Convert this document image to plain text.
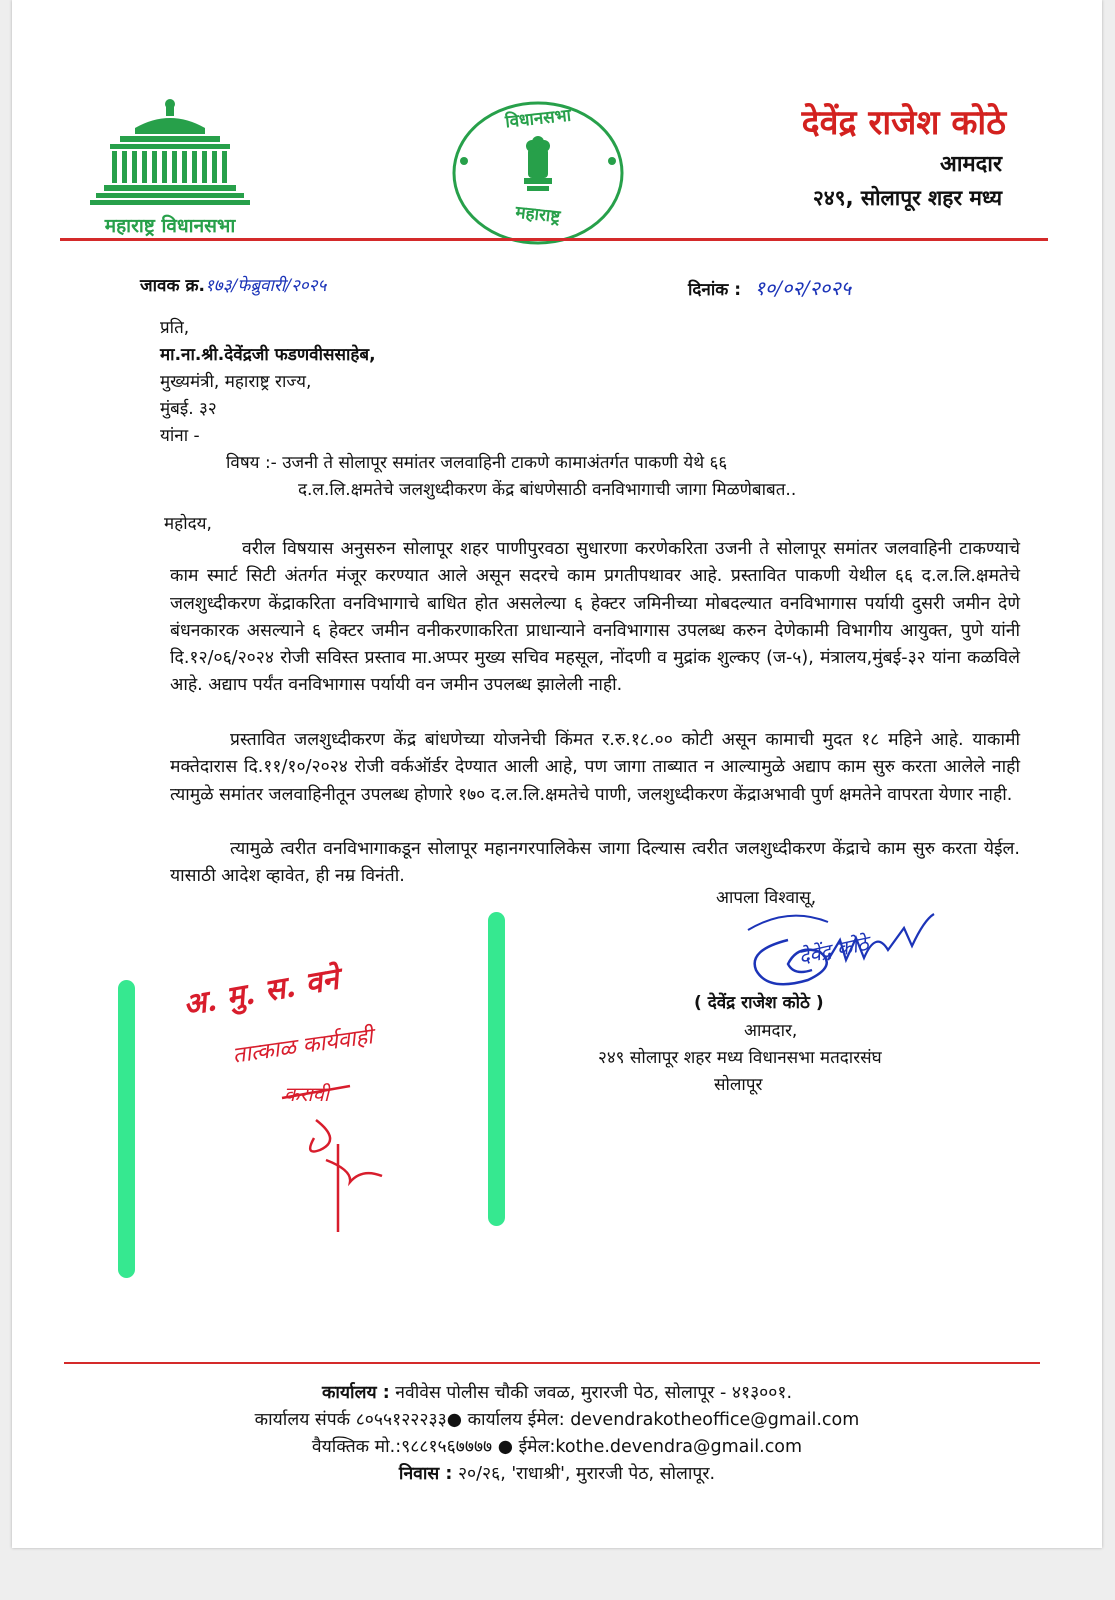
महाराष्ट्र विधानसभा
विधानसभा
महाराष्ट्र
देवेंद्र राजेश कोठे
आमदार
२४९, सोलापूर शहर मध्य
जावक क्र.१७३/फेब्रुवारी/२०२५	दिनांक : १०/०२/२०२५
प्रति,
मा.ना.श्री.देवेंद्रजी फडणवीससाहेब,
मुख्यमंत्री, महाराष्ट्र राज्य,
मुंबई. ३२
यांना -
विषय :- उजनी ते सोलापूर समांतर जलवाहिनी टाकणे कामाअंतर्गत पाकणी येथे ६६
द.ल.लि.क्षमतेचे जलशुध्दीकरण केंद्र बांधणेसाठी वनविभागाची जागा मिळणेबाबत..
महोदय,
वरील विषयास अनुसरुन सोलापूर शहर पाणीपुरवठा सुधारणा करणेकरिता उजनी ते सोलापूर समांतर जलवाहिनी टाकण्याचे काम स्मार्ट सिटी अंतर्गत मंजूर करण्यात आले असून सदरचे काम प्रगतीपथावर आहे. प्रस्तावित पाकणी येथील ६६ द.ल.लि.क्षमतेचे जलशुध्दीकरण केंद्राकरिता वनविभागाचे बाधित होत असलेल्या ६ हेक्टर जमिनीच्या मोबदल्यात वनविभागास पर्यायी दुसरी जमीन देणे बंधनकारक असल्याने ६ हेक्टर जमीन वनीकरणाकरिता प्राधान्याने वनविभागास उपलब्ध करुन देणेकामी विभागीय आयुक्त, पुणे यांनी दि.१२/०६/२०२४ रोजी सविस्त प्रस्ताव मा.अप्पर मुख्य सचिव महसूल, नोंदणी व मुद्रांक शुल्कए (ज-५), मंत्रालय,मुंबई-३२ यांना कळविले आहे. अद्याप पर्यंत वनविभागास पर्यायी वन जमीन उपलब्ध झालेली नाही.
प्रस्तावित जलशुध्दीकरण केंद्र बांधणेच्या योजनेची किंमत र.रु.१८.०० कोटी असून कामाची मुदत १८ महिने आहे. याकामी मक्तेदारास दि.११/१०/२०२४ रोजी वर्कऑर्डर देण्यात आली आहे, पण जागा ताब्यात न आल्यामुळे अद्याप काम सुरु करता आलेले नाही त्यामुळे समांतर जलवाहिनीतून उपलब्ध होणारे १७० द.ल.लि.क्षमतेचे पाणी, जलशुध्दीकरण केंद्राअभावी पुर्ण क्षमतेने वापरता येणार नाही.
त्यामुळे त्वरीत वनविभागाकडून सोलापूर महानगरपालिकेस जागा दिल्यास त्वरीत जलशुध्दीकरण केंद्राचे काम सुरु करता येईल. यासाठी आदेश व्हावेत, ही नम्र विनंती.
आपला विश्वासू,
देवेंद्र कोठे
( देवेंद्र राजेश कोठे )
आमदार,
२४९ सोलापूर शहर मध्य विधानसभा मतदारसंघ
सोलापूर
अ. मु. स. वने
तात्काळ कार्यवाही
करावी
कार्यालय : नवीवेस पोलीस चौकी जवळ, मुरारजी पेठ, सोलापूर - ४१३००१.
कार्यालय संपर्क ८०५५१२२२३३● कार्यालय ईमेल: devendrakotheoffice@gmail.com
वैयक्तिक मो.:९८८१५६७७७७ ● ईमेल:kothe.devendra@gmail.com
निवास : २०/२६, 'राधाश्री', मुरारजी पेठ, सोलापूर.
